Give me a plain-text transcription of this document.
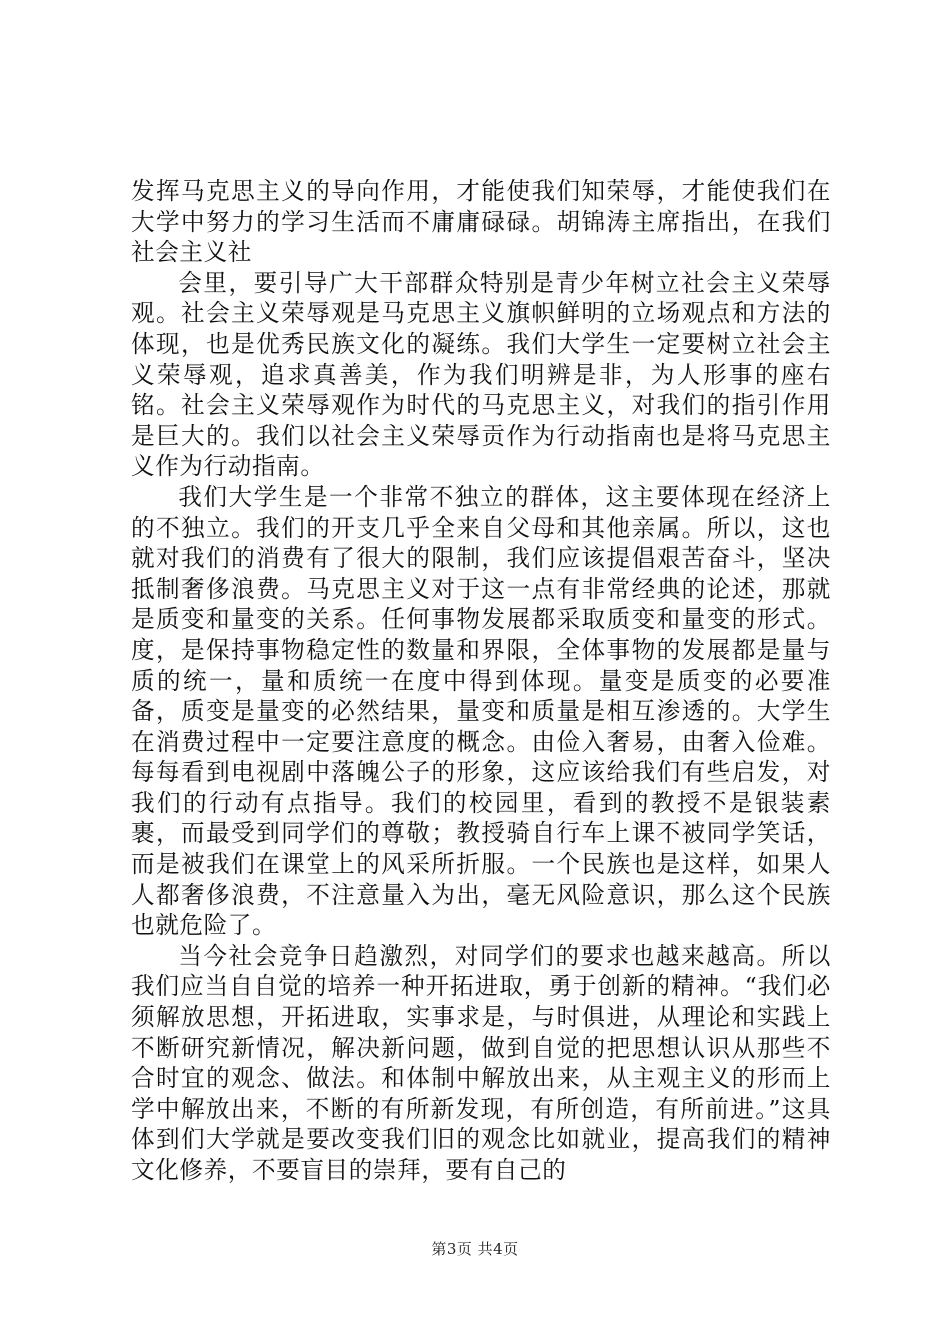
发挥马克思主义的导向作用，才能使我们知荣辱，才能使我们在大学中努力的学习生活而不庸庸碌碌。胡锦涛主席指出，在我们社会主义社

会里，要引导广大干部群众特别是青少年树立社会主义荣辱观。社会主义荣辱观是马克思主义旗帜鲜明的立场观点和方法的体现，也是优秀民族文化的凝练。我们大学生一定要树立社会主义荣辱观，追求真善美，作为我们明辨是非，为人形事的座右铭。社会主义荣辱观作为时代的马克思主义，对我们的指引作用是巨大的。我们以社会主义荣辱贡作为行动指南也是将马克思主义作为行动指南。

我们大学生是一个非常不独立的群体，这主要体现在经济上的不独立。我们的开支几乎全来自父母和其他亲属。所以，这也就对我们的消费有了很大的限制，我们应该提倡艰苦奋斗，坚决抵制奢侈浪费。马克思主义对于这一点有非常经典的论述，那就是质变和量变的关系。任何事物发展都采取质变和量变的形式。度，是保持事物稳定性的数量和界限，全体事物的发展都是量与质的统一，量和质统一在度中得到体现。量变是质变的必要准备，质变是量变的必然结果，量变和质量是相互渗透的。大学生在消费过程中一定要注意度的概念。由俭入奢易，由奢入俭难。每每看到电视剧中落魄公子的形象，这应该给我们有些启发，对我们的行动有点指导。我们的校园里，看到的教授不是银装素裹，而最受到同学们的尊敬；教授骑自行车上课不被同学笑话，而是被我们在课堂上的风采所折服。一个民族也是这样，如果人人都奢侈浪费，不注意量入为出，毫无风险意识，那么这个民族也就危险了。

当今社会竞争日趋激烈，对同学们的要求也越来越高。所以我们应当自自觉的培养一种开拓进取，勇于创新的精神。“我们必须解放思想，开拓进取，实事求是，与时俱进，从理论和实践上不断研究新情况，解决新问题，做到自觉的把思想认识从那些不合时宜的观念、做法。和体制中解放出来，从主观主义的形而上学中解放出来，不断的有所新发现，有所创造，有所前进。”这具体到们大学就是要改变我们旧的观念比如就业，提高我们的精神文化修养，不要盲目的崇拜，要有自己的

第3页 共4页
